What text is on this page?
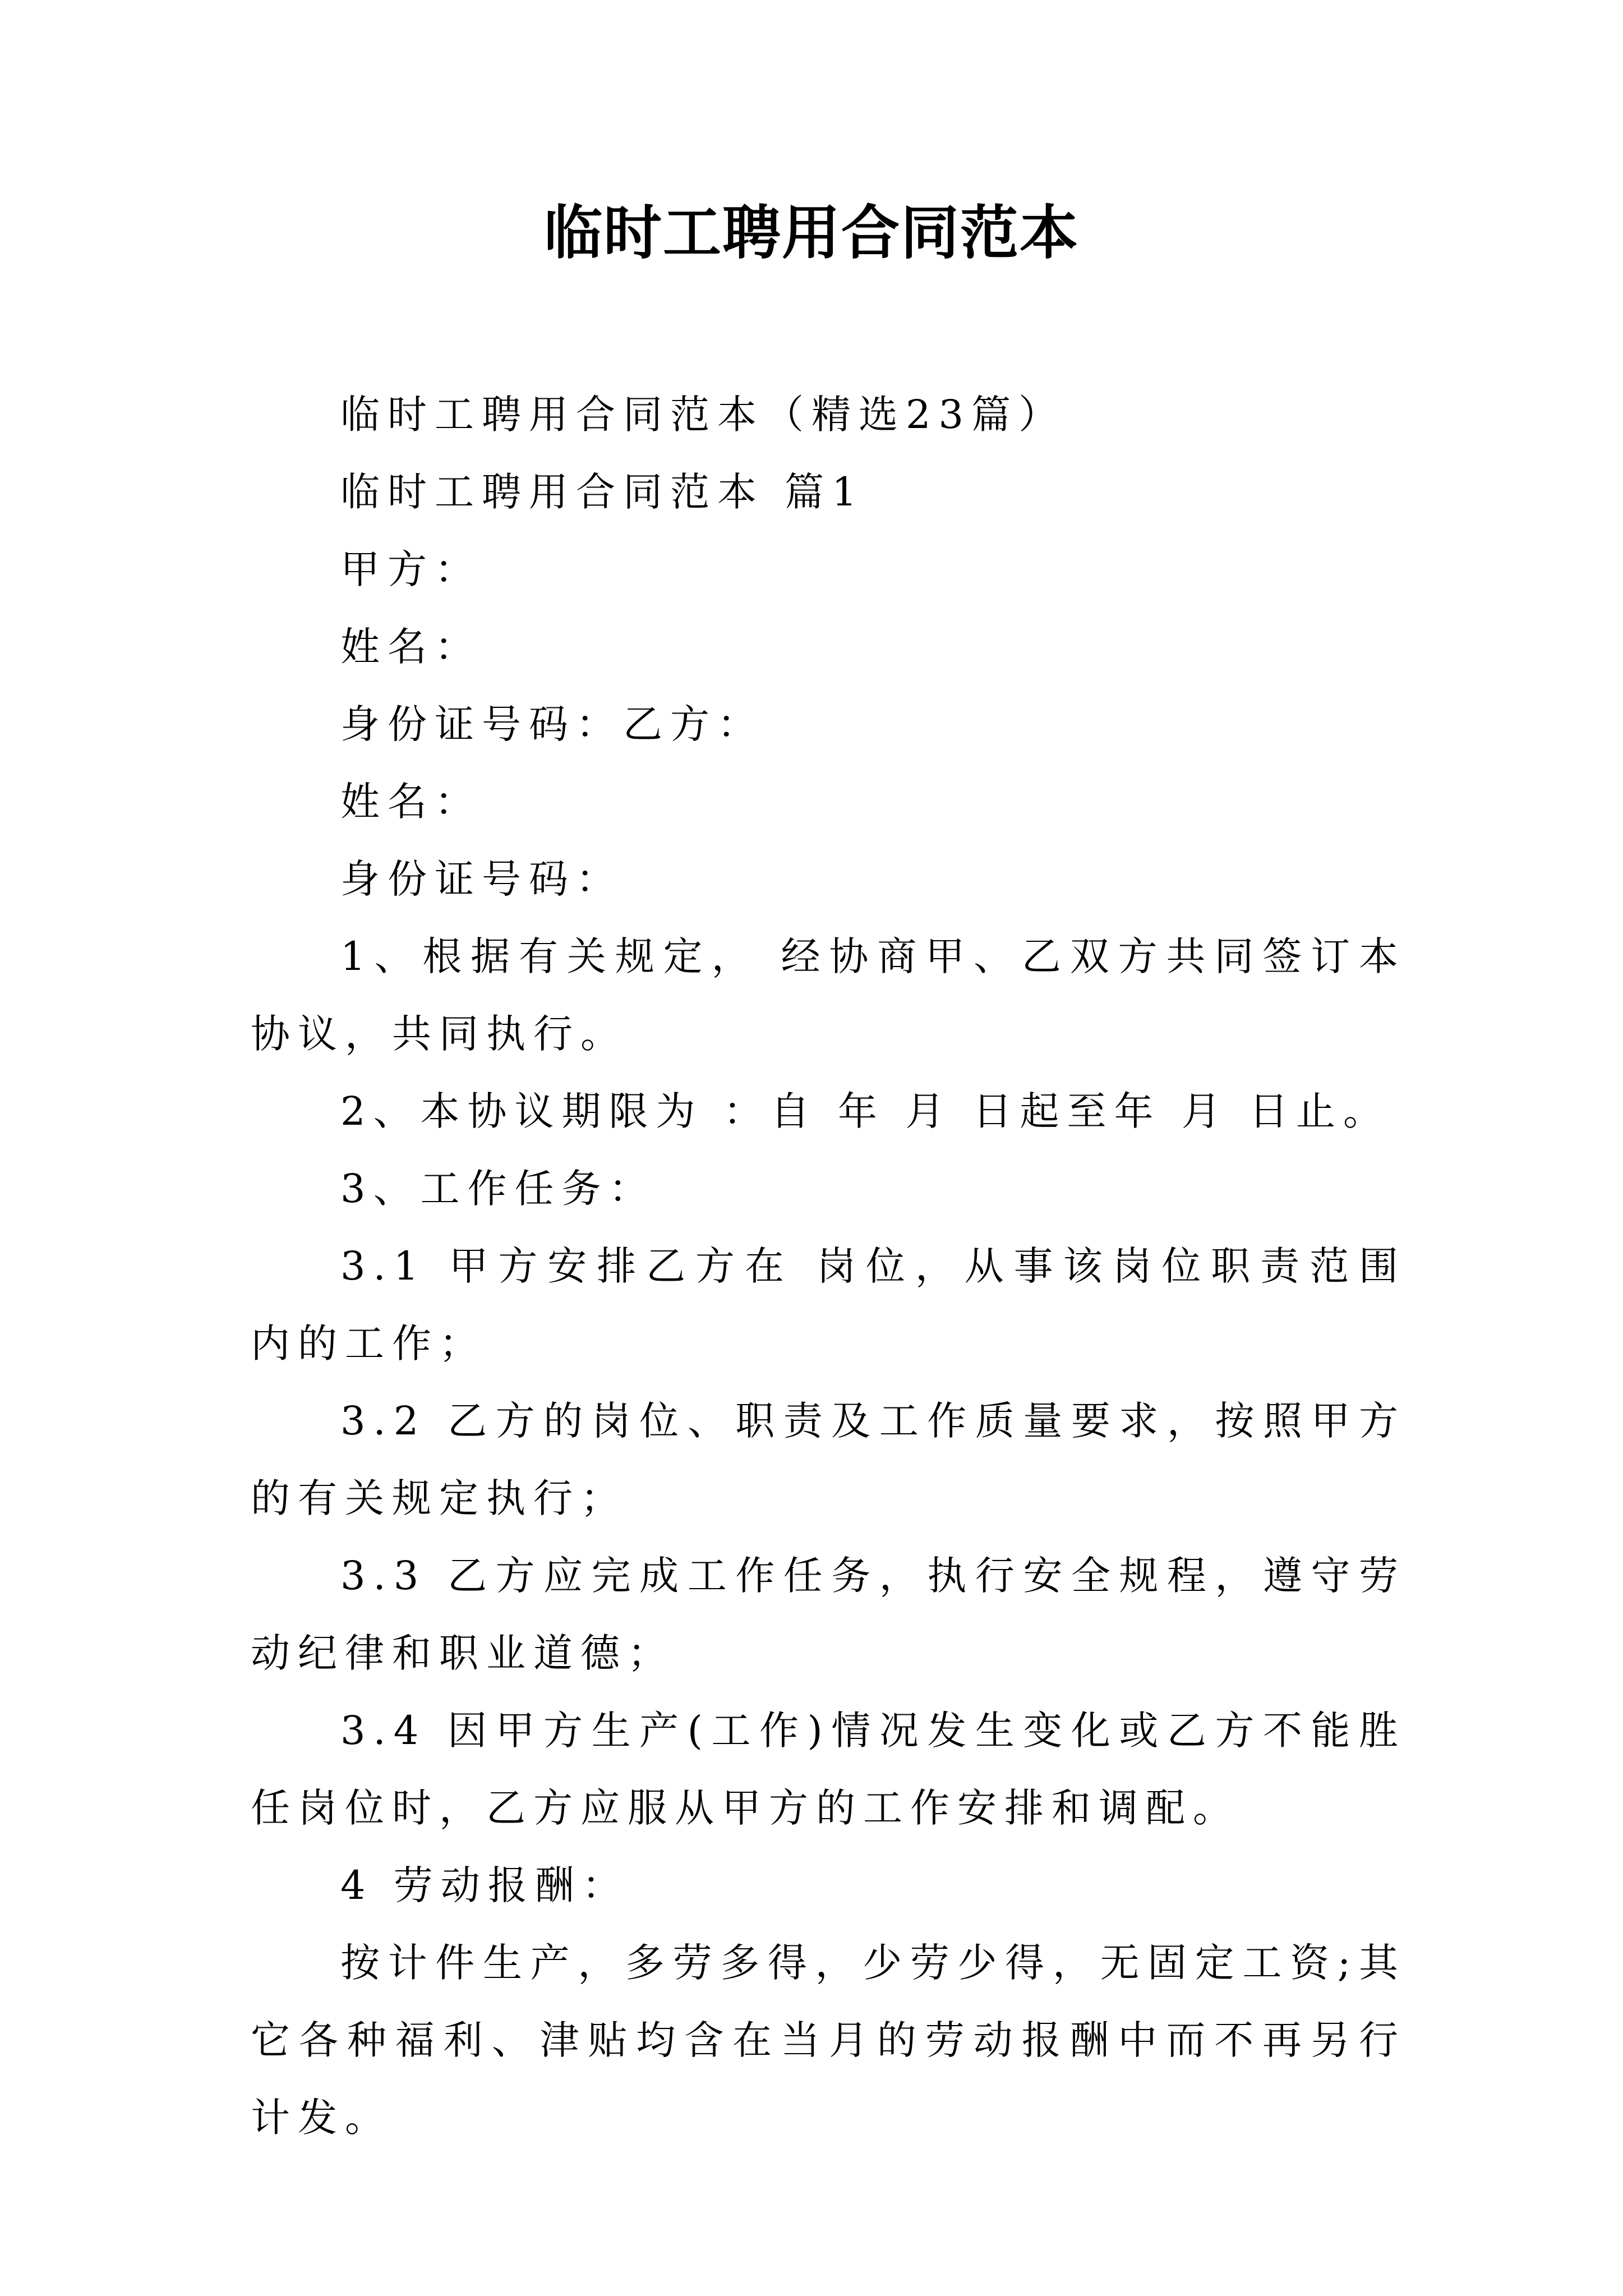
临时工聘用合同范本

临时工聘用合同范本（精选23篇）

临时工聘用合同范本 篇1

甲方：

姓名：

身份证号码：乙方：

姓名：

身份证号码：

1、根据有关规定， 经协商甲、乙双方共同签订本协议，共同执行。

2、本协议期限为 ：自 年 月 日起至年 月 日止。

3、工作任务：

3.1 甲方安排乙方在 岗位，从事该岗位职责范围内的工作；

3.2 乙方的岗位、职责及工作质量要求，按照甲方的有关规定执行；

3.3 乙方应完成工作任务，执行安全规程，遵守劳动纪律和职业道德；

3.4 因甲方生产(工作)情况发生变化或乙方不能胜任岗位时，乙方应服从甲方的工作安排和调配。

4 劳动报酬：

按计件生产，多劳多得，少劳少得，无固定工资;其它各种福利、津贴均含在当月的劳动报酬中而不再另行计发。
